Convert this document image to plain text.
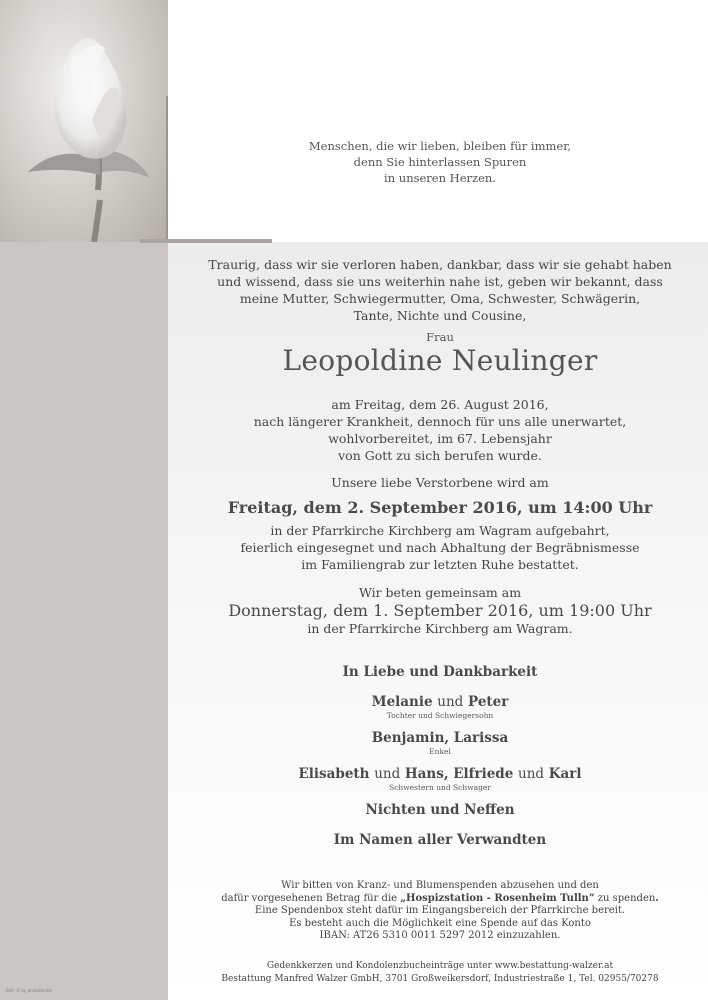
Menschen, die wir lieben, bleiben für immer,

denn Sie hinterlassen Spuren

in unseren Herzen.

Traurig, dass wir sie verloren haben, dankbar, dass wir sie gehabt haben

und wissend, dass sie uns weiterhin nahe ist, geben wir bekannt, dass

meine Mutter, Schwiegermutter, Oma, Schwester, Schwägerin,

Tante, Nichte und Cousine,

Frau
Leopoldine Neulinger

am Freitag, dem 26. August 2016,

nach längerer Krankheit, dennoch für uns alle unerwartet,

wohlvorbereitet, im 67. Lebensjahr

von Gott zu sich berufen wurde.

Unsere liebe Verstorbene wird am

Freitag, dem 2. September 2016, um 14:00 Uhr

in der Pfarrkirche Kirchberg am Wagram aufgebahrt,

feierlich eingesegnet und nach Abhaltung der Begräbnismesse

im Familiengrab zur letzten Ruhe bestattet.

Wir beten gemeinsam am

Donnerstag, dem 1. September 2016, um 19:00 Uhr

in der Pfarrkirche Kirchberg am Wagram.

In Liebe und Dankbarkeit

Melanie und Peter

Tochter und Schwiegersohn

Benjamin, Larissa

Enkel

Elisabeth und Hans, Elfriede und Karl

Schwestern und Schwager

Nichten und Neffen

Im Namen aller Verwandten

Wir bitten von Kranz- und Blumenspenden abzusehen und den

dafür vorgesehenen Betrag für die „Hospizstation - Rosenheim Tulln” zu spenden.

Eine Spendenbox steht dafür im Eingangsbereich der Pfarrkirche bereit.

Es besteht auch die Möglichkeit eine Spende auf das Konto

IBAN: AT26 5310 0011 5297 2012 einzuzahlen.

Gedenkkerzen und Kondolenzbucheinträge unter www.bestattung-walzer.at

Bestattung Manfred Walzer GmbH, 3701 Großweikersdorf, Industriestraße 1, Tel. 02955/70278

Bild: © by photoBeetle
